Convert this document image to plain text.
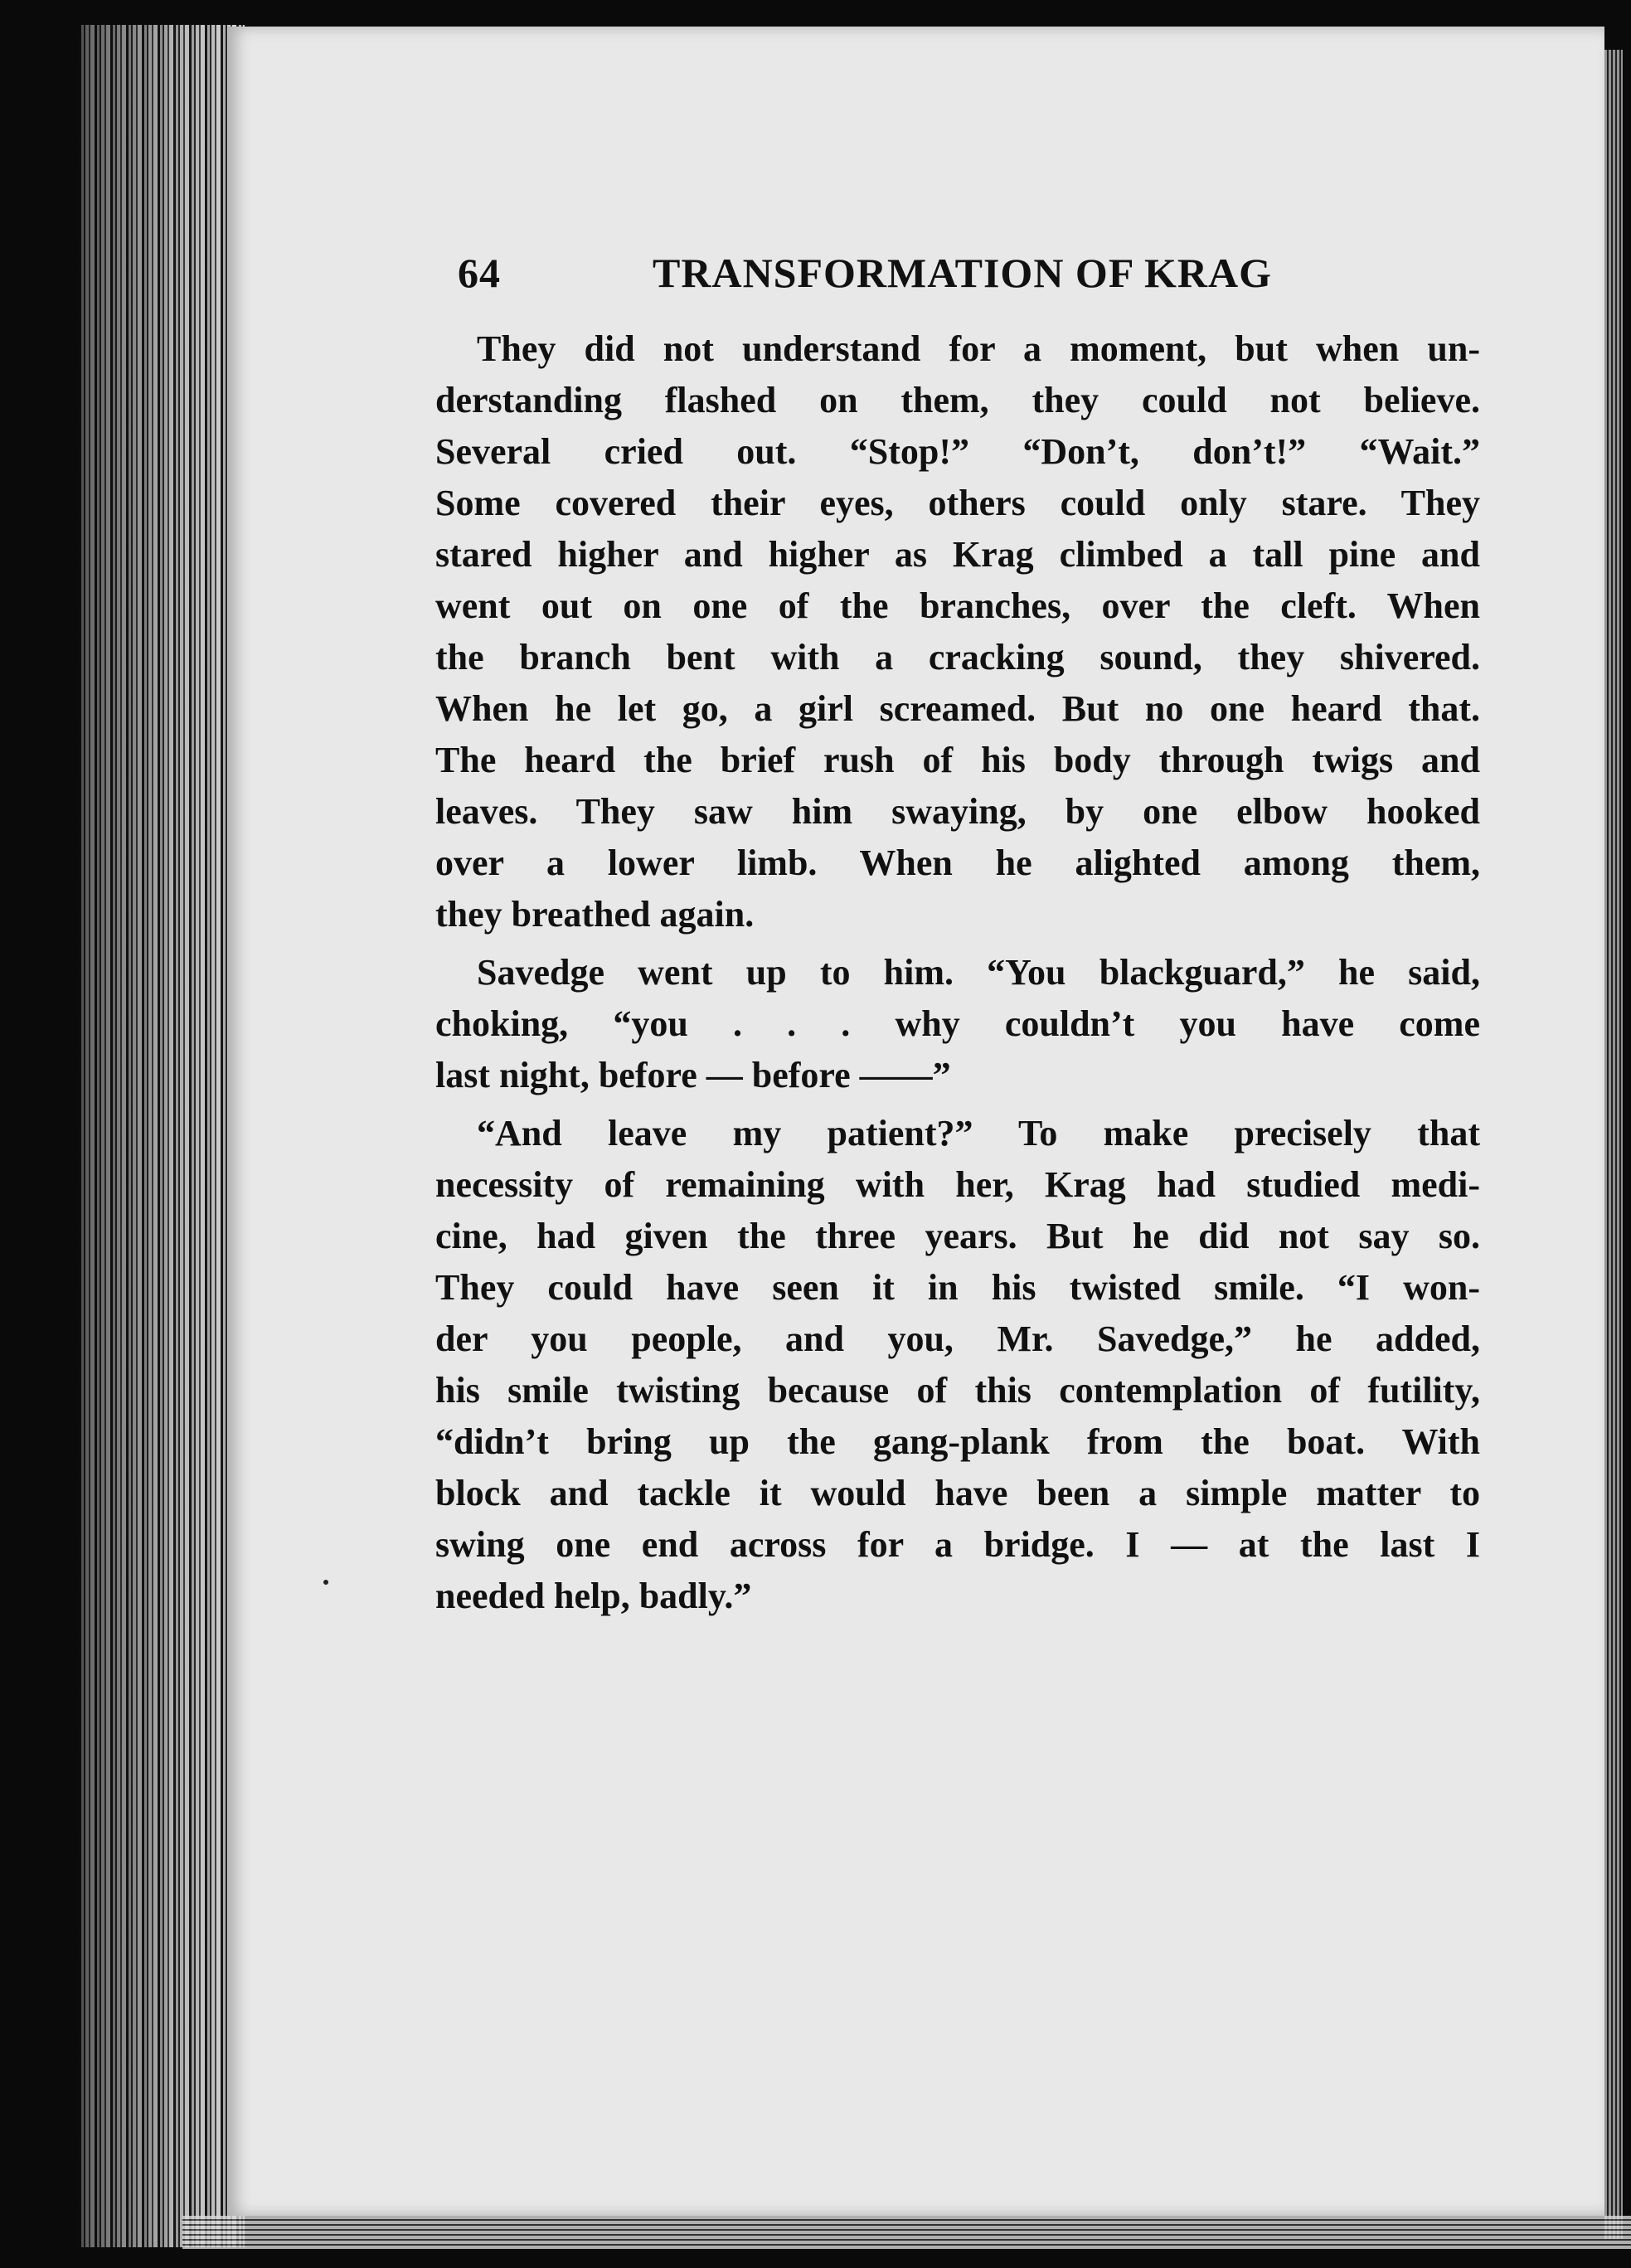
64	TRANSFORMATION OF KRAG
They did not understand for a moment, but when un-
derstanding flashed on them, they could not believe.
Several cried out. “Stop!” “Don’t, don’t!” “Wait.”
Some covered their eyes, others could only stare. They
stared higher and higher as Krag climbed a tall pine and
went out on one of the branches, over the cleft. When
the branch bent with a cracking sound, they shivered.
When he let go, a girl screamed. But no one heard that.
The heard the brief rush of his body through twigs and
leaves. They saw him swaying, by one elbow hooked
over a lower limb. When he alighted among them,
they breathed again.
Savedge went up to him. “You blackguard,” he said,
choking, “you . . . why couldn’t you have come
last night, before — before ——”
“And leave my patient?” To make precisely that
necessity of remaining with her, Krag had studied medi-
cine, had given the three years. But he did not say so.
They could have seen it in his twisted smile. “I won-
der you people, and you, Mr. Savedge,” he added,
his smile twisting because of this contemplation of futility,
“didn’t bring up the gang-plank from the boat. With
block and tackle it would have been a simple matter to
swing one end across for a bridge. I — at the last I
needed help, badly.”
